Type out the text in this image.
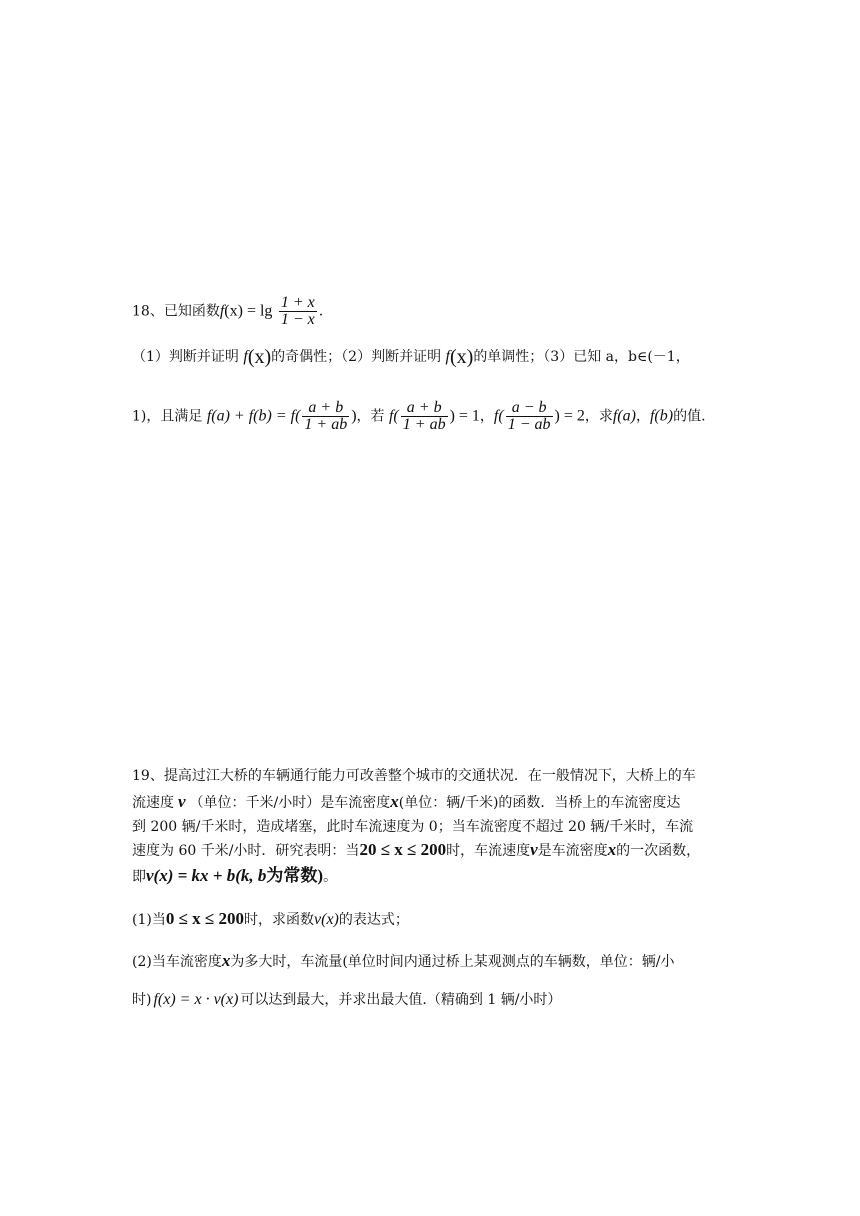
18、已知函数$f(x) = \lg \frac{1 + x}{1 - x}$ .
（1）判断并证明 f(x)的奇偶性；（2）判断并证明 f(x)的单调性；（3）已知 a，b∈(－1，
1)，且满足 $f(a) + f(b) = f( \frac{a + b}{1 + ab}$ )，若 $f( \frac{a + b}{1 + ab}$ ) = 1，$f( \frac{a - b}{1 - ab}$ ) = 2，求f(a)，f(b)的值.
19、提高过江大桥的车辆通行能力可改善整个城市的交通状况．在一般情况下，大桥上的车
流速度 v （单位：千米/小时）是车流密度x(单位：辆/千米)的函数．当桥上的车流密度达
到 200 辆/千米时，造成堵塞，此时车流速度为 0；当车流密度不超过 20 辆/千米时，车流
速度为 60 千米/小时．研究表明：当20 ≤ x ≤ 200时，车流速度v是车流密度x的一次函数，
即v(x) = kx + b(k, b为常数)。
(1)当0 ≤ x ≤ 200时，求函数v(x)的表达式；
(2)当车流密度x为多大时，车流量(单位时间内通过桥上某观测点的车辆数，单位：辆/小
时) f(x) = x · v(x) 可以达到最大，并求出最大值.（精确到 1 辆/小时）
